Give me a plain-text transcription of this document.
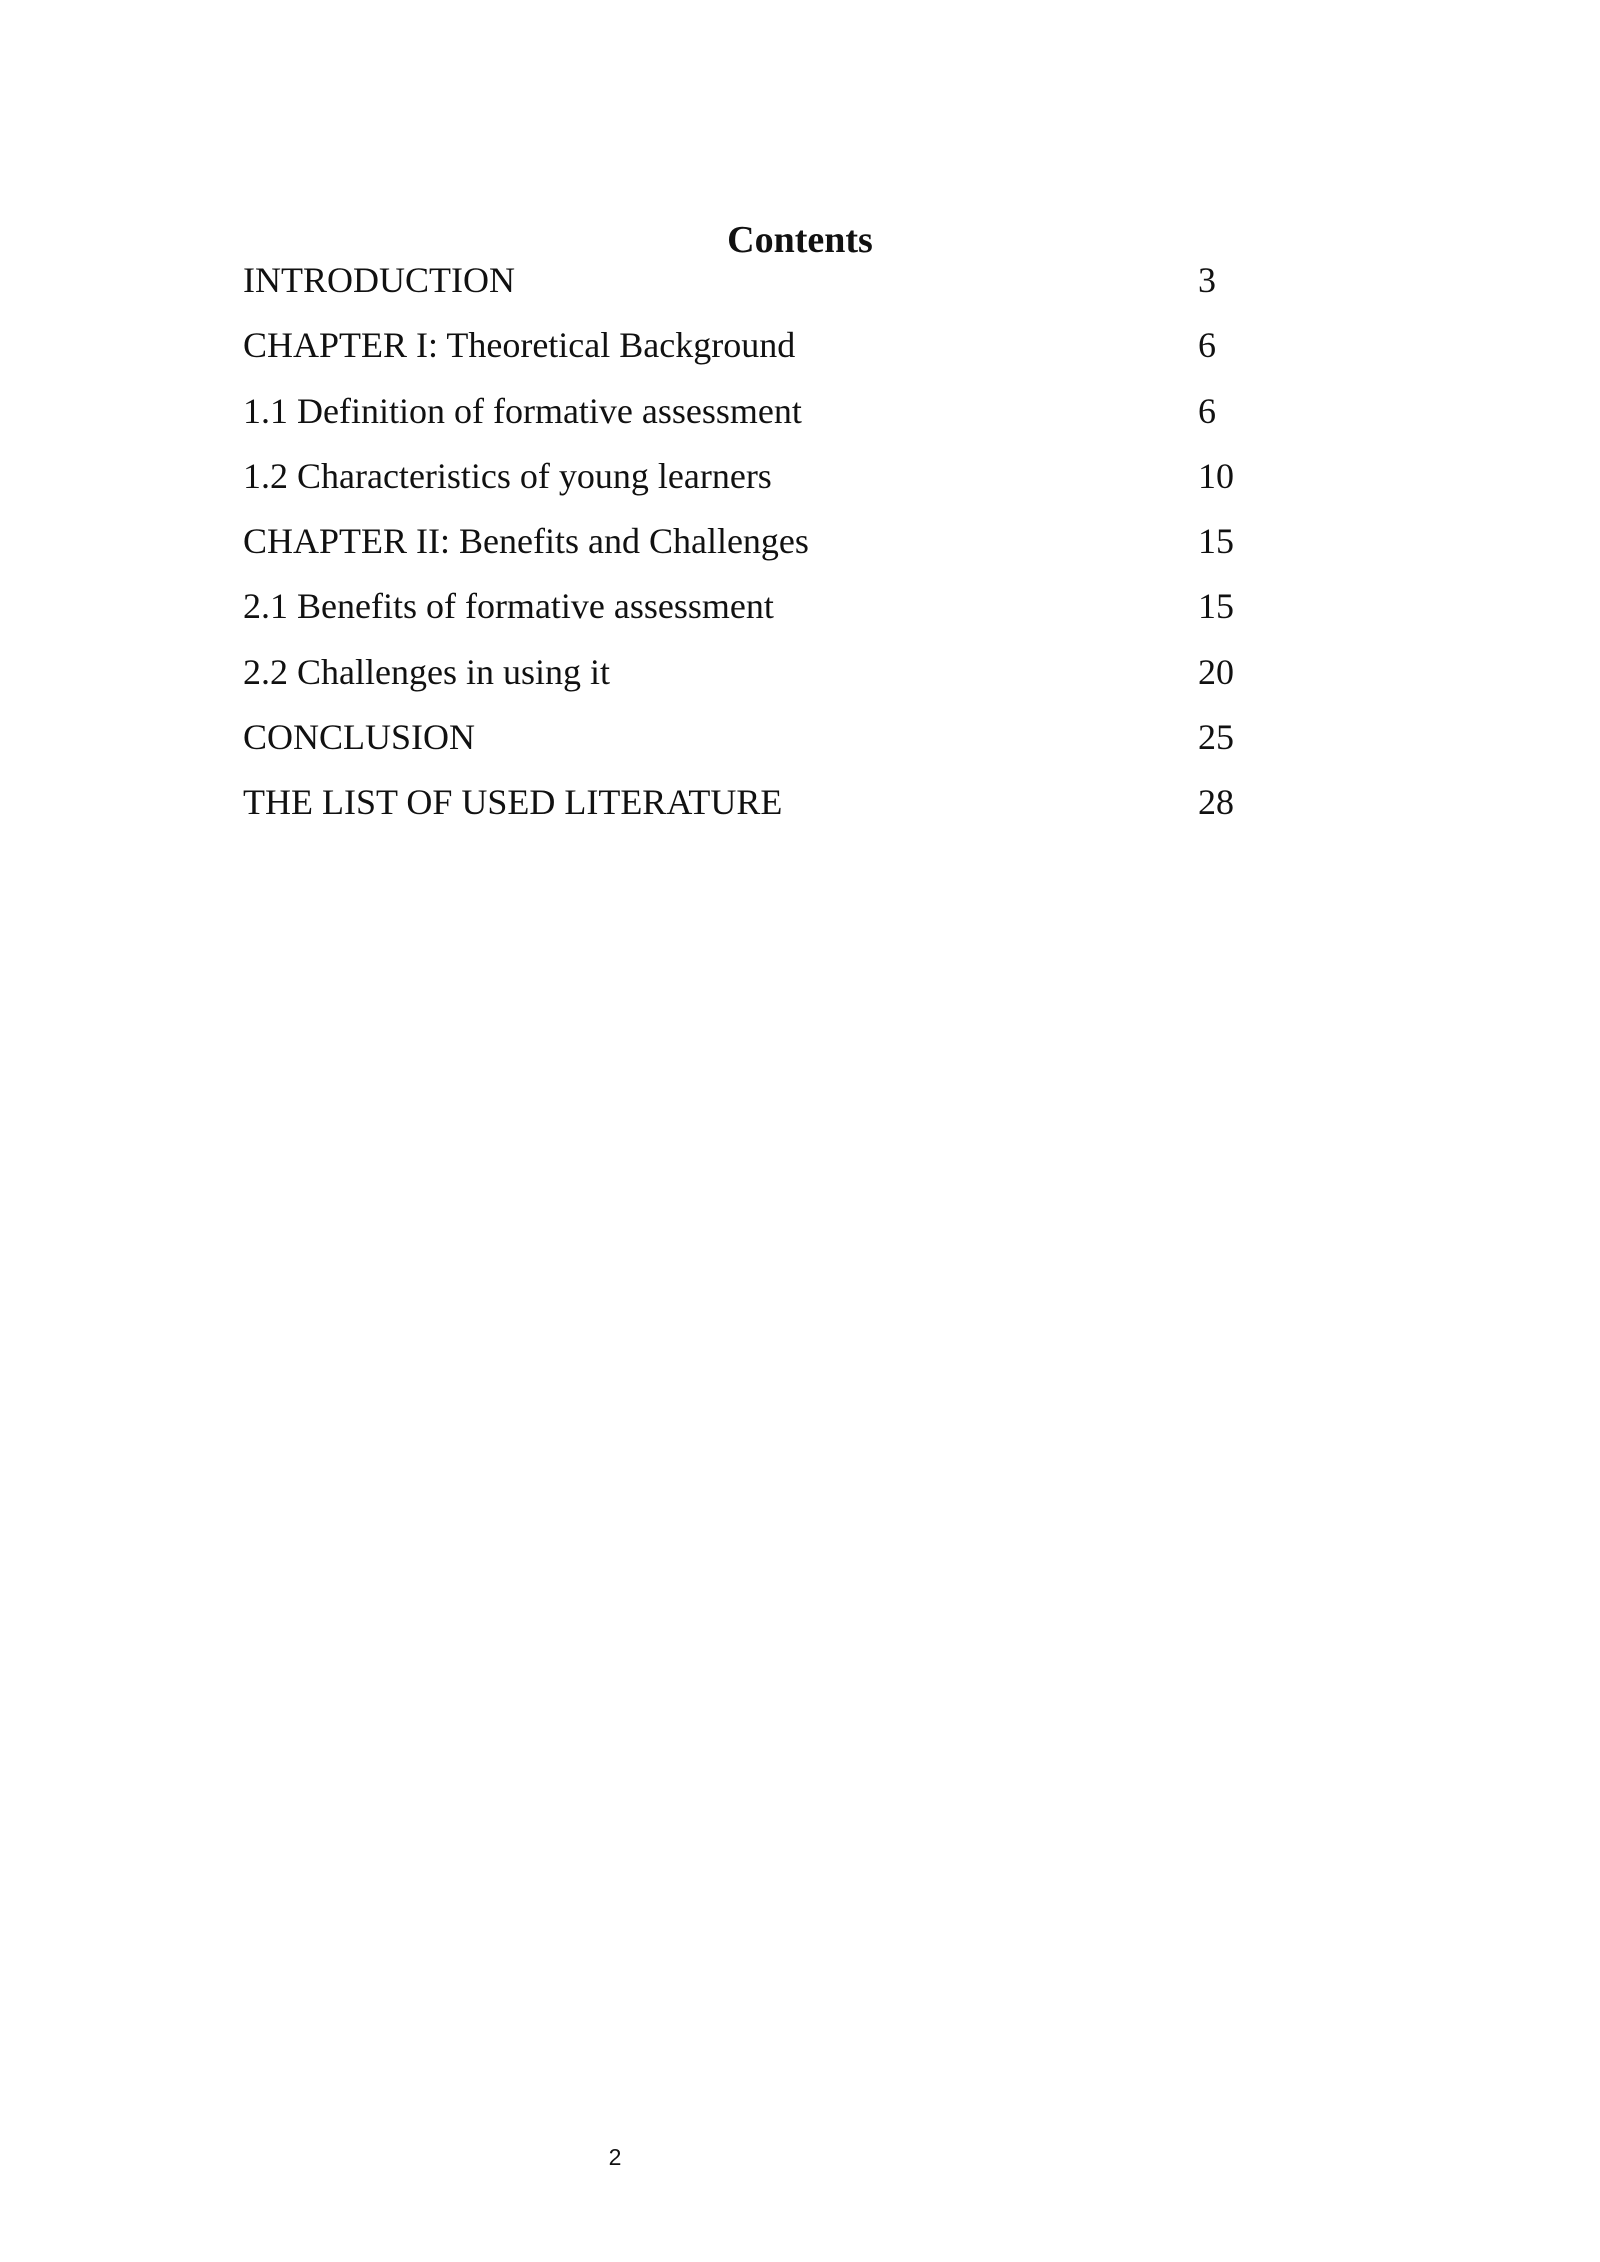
Contents
INTRODUCTION	3
CHAPTER I: Theoretical Background	6
1.1 Definition of formative assessment	6
1.2 Characteristics of young learners	10
CHAPTER II: Benefits and Challenges	15
2.1 Benefits of formative assessment	15
2.2 Challenges in using it	20
CONCLUSION	25
THE LIST OF USED LITERATURE	28
2
